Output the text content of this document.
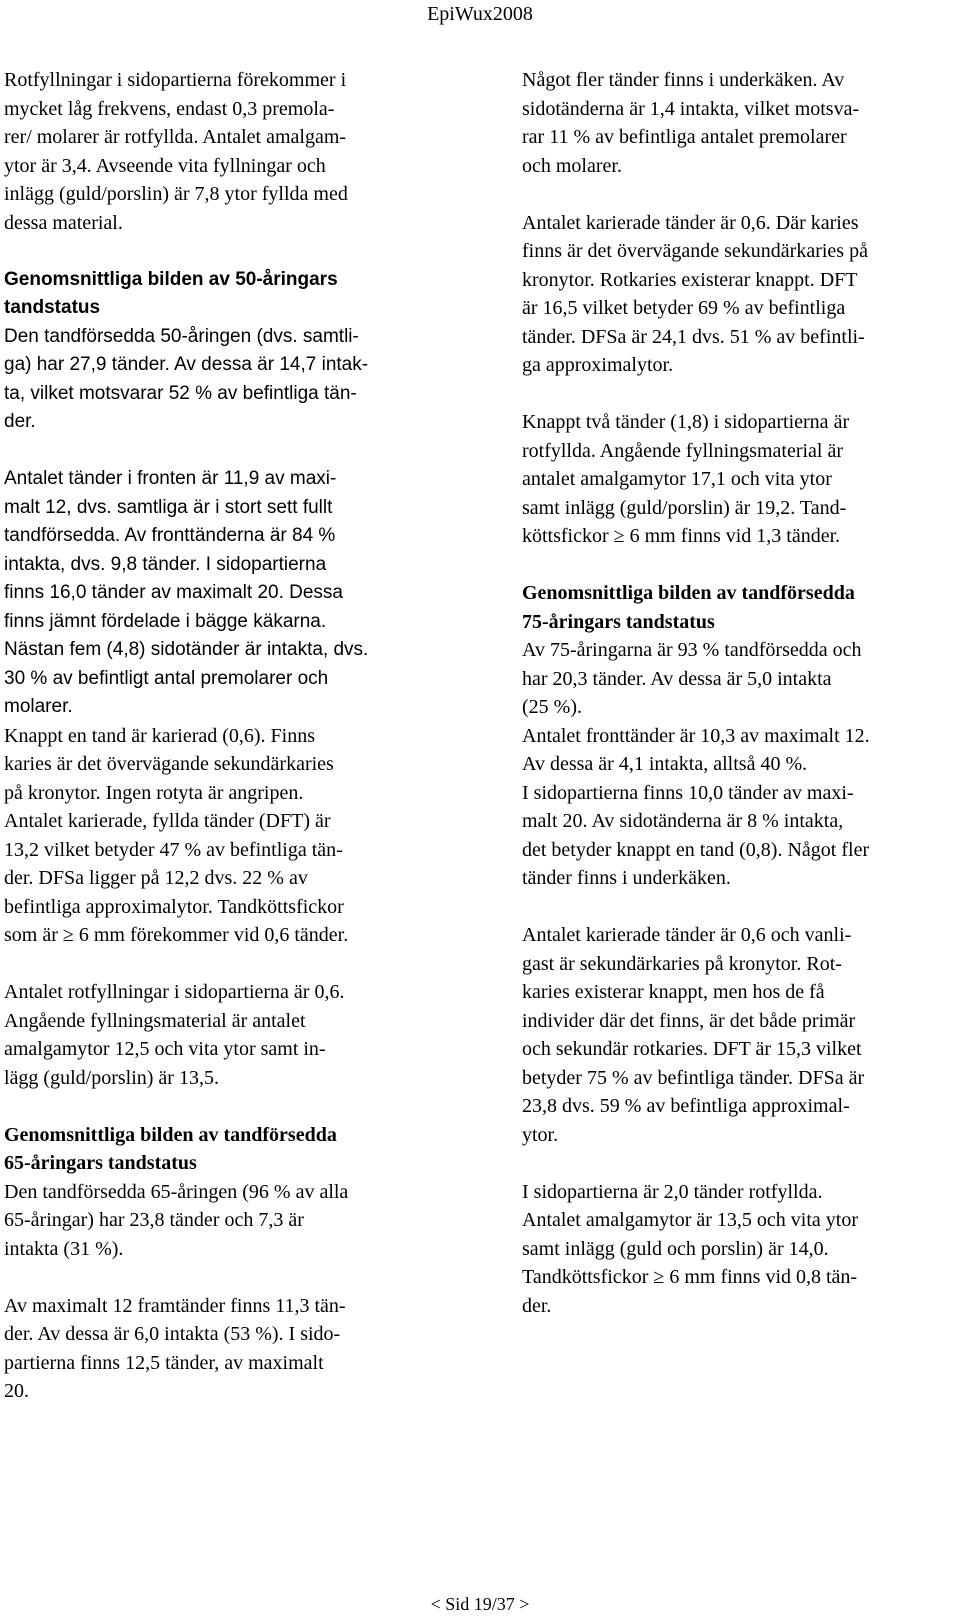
EpiWux2008
Rotfyllningar i sidopartierna förekommer i
mycket låg frekvens, endast 0,3 premola-
rer/ molarer är rotfyllda. Antalet amalgam-
ytor är 3,4. Avseende vita fyllningar och
inlägg (guld/porslin) är 7,8 ytor fyllda med
dessa material.
Genomsnittliga bilden av 50-åringars
tandstatus
Den tandförsedda 50-åringen (dvs. samtli-
ga) har 27,9 tänder. Av dessa är 14,7 intak-
ta, vilket motsvarar 52 % av befintliga tän-
der.
Antalet tänder i fronten är 11,9 av maxi-
malt 12, dvs. samtliga är i stort sett fullt
tandförsedda. Av fronttänderna är 84 %
intakta, dvs. 9,8 tänder. I sidopartierna
finns 16,0 tänder av maximalt 20. Dessa
finns jämnt fördelade i bägge käkarna.
Nästan fem (4,8) sidotänder är intakta, dvs.
30 % av befintligt antal premolarer och
molarer.
Knappt en tand är karierad (0,6). Finns
karies är det övervägande sekundärkaries
på kronytor. Ingen rotyta är angripen.
Antalet karierade, fyllda tänder (DFT) är
13,2 vilket betyder 47 % av befintliga tän-
der. DFSa ligger på 12,2 dvs. 22 % av
befintliga approximalytor. Tandköttsfickor
som är ≥ 6 mm förekommer vid 0,6 tänder.
Antalet rotfyllningar i sidopartierna är 0,6.
Angående fyllningsmaterial är antalet
amalgamytor 12,5 och vita ytor samt in-
lägg (guld/porslin) är 13,5.
Genomsnittliga bilden av tandförsedda
65-åringars tandstatus
Den tandförsedda 65-åringen (96 % av alla
65-åringar) har 23,8 tänder och 7,3 är
intakta (31 %).
Av maximalt 12 framtänder finns 11,3 tän-
der. Av dessa är 6,0 intakta (53 %). I sido-
partierna finns 12,5 tänder, av maximalt
20.
Något fler tänder finns i underkäken. Av
sidotänderna är 1,4 intakta, vilket motsva-
rar 11 % av befintliga antalet premolarer
och molarer.
Antalet karierade tänder är 0,6. Där karies
finns är det övervägande sekundärkaries på
kronytor. Rotkaries existerar knappt. DFT
är 16,5 vilket betyder 69 % av befintliga
tänder. DFSa är 24,1 dvs. 51 % av befintli-
ga approximalytor.
Knappt två tänder (1,8) i sidopartierna är
rotfyllda. Angående fyllningsmaterial är
antalet amalgamytor 17,1 och vita ytor
samt inlägg (guld/porslin) är 19,2. Tand-
köttsfickor ≥ 6 mm finns vid 1,3 tänder.
Genomsnittliga bilden av tandförsedda
75-åringars tandstatus
Av 75-åringarna är 93 % tandförsedda och
har 20,3 tänder. Av dessa är 5,0 intakta
(25 %).
Antalet fronttänder är 10,3 av maximalt 12.
Av dessa är 4,1 intakta, alltså 40 %.
I sidopartierna finns 10,0 tänder av maxi-
malt 20. Av sidotänderna är 8 % intakta,
det betyder knappt en tand (0,8). Något fler
tänder finns i underkäken.
Antalet karierade tänder är 0,6 och vanli-
gast är sekundärkaries på kronytor. Rot-
karies existerar knappt, men hos de få
individer där det finns, är det både primär
och sekundär rotkaries. DFT är 15,3 vilket
betyder 75 % av befintliga tänder. DFSa är
23,8 dvs. 59 % av befintliga approximal-
ytor.
I sidopartierna är 2,0 tänder rotfyllda.
Antalet amalgamytor är 13,5 och vita ytor
samt inlägg (guld och porslin) är 14,0.
Tandköttsfickor ≥ 6 mm finns vid 0,8 tän-
der.
< Sid 19/37 >
